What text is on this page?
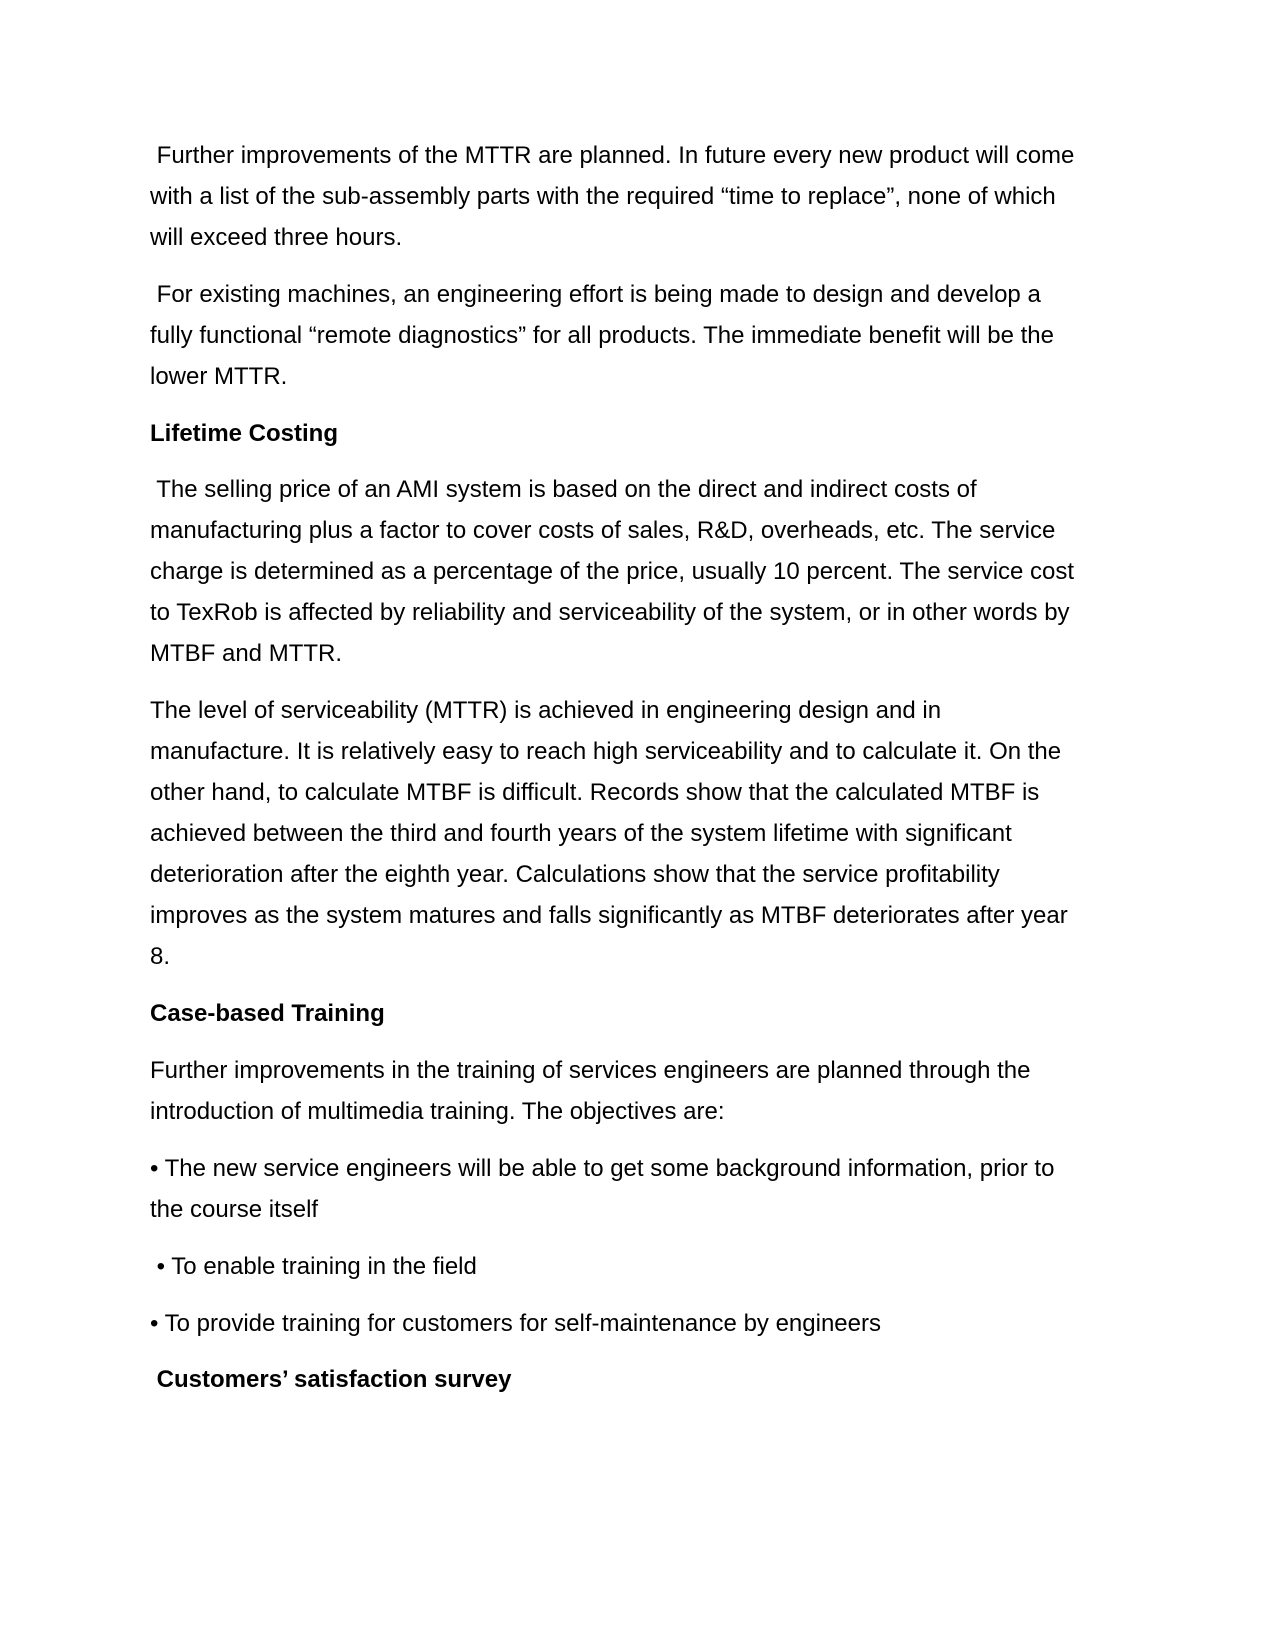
Further improvements of the MTTR are planned. In future every new product will come

with a list of the sub-assembly parts with the required “time to replace”, none of which

will exceed three hours.

For existing machines, an engineering effort is being made to design and develop a

fully functional “remote diagnostics” for all products. The immediate benefit will be the

lower MTTR.

Lifetime Costing

The selling price of an AMI system is based on the direct and indirect costs of

manufacturing plus a factor to cover costs of sales, R&D, overheads, etc. The service

charge is determined as a percentage of the price, usually 10 percent. The service cost

to TexRob is affected by reliability and serviceability of the system, or in other words by

MTBF and MTTR.

The level of serviceability (MTTR) is achieved in engineering design and in

manufacture. It is relatively easy to reach high serviceability and to calculate it. On the

other hand, to calculate MTBF is difficult. Records show that the calculated MTBF is

achieved between the third and fourth years of the system lifetime with significant

deterioration after the eighth year. Calculations show that the service profitability

improves as the system matures and falls significantly as MTBF deteriorates after year

8.

Case-based Training

Further improvements in the training of services engineers are planned through the

introduction of multimedia training. The objectives are:

• The new service engineers will be able to get some background information, prior to

the course itself

• To enable training in the field

• To provide training for customers for self-maintenance by engineers

Customers’ satisfaction survey
